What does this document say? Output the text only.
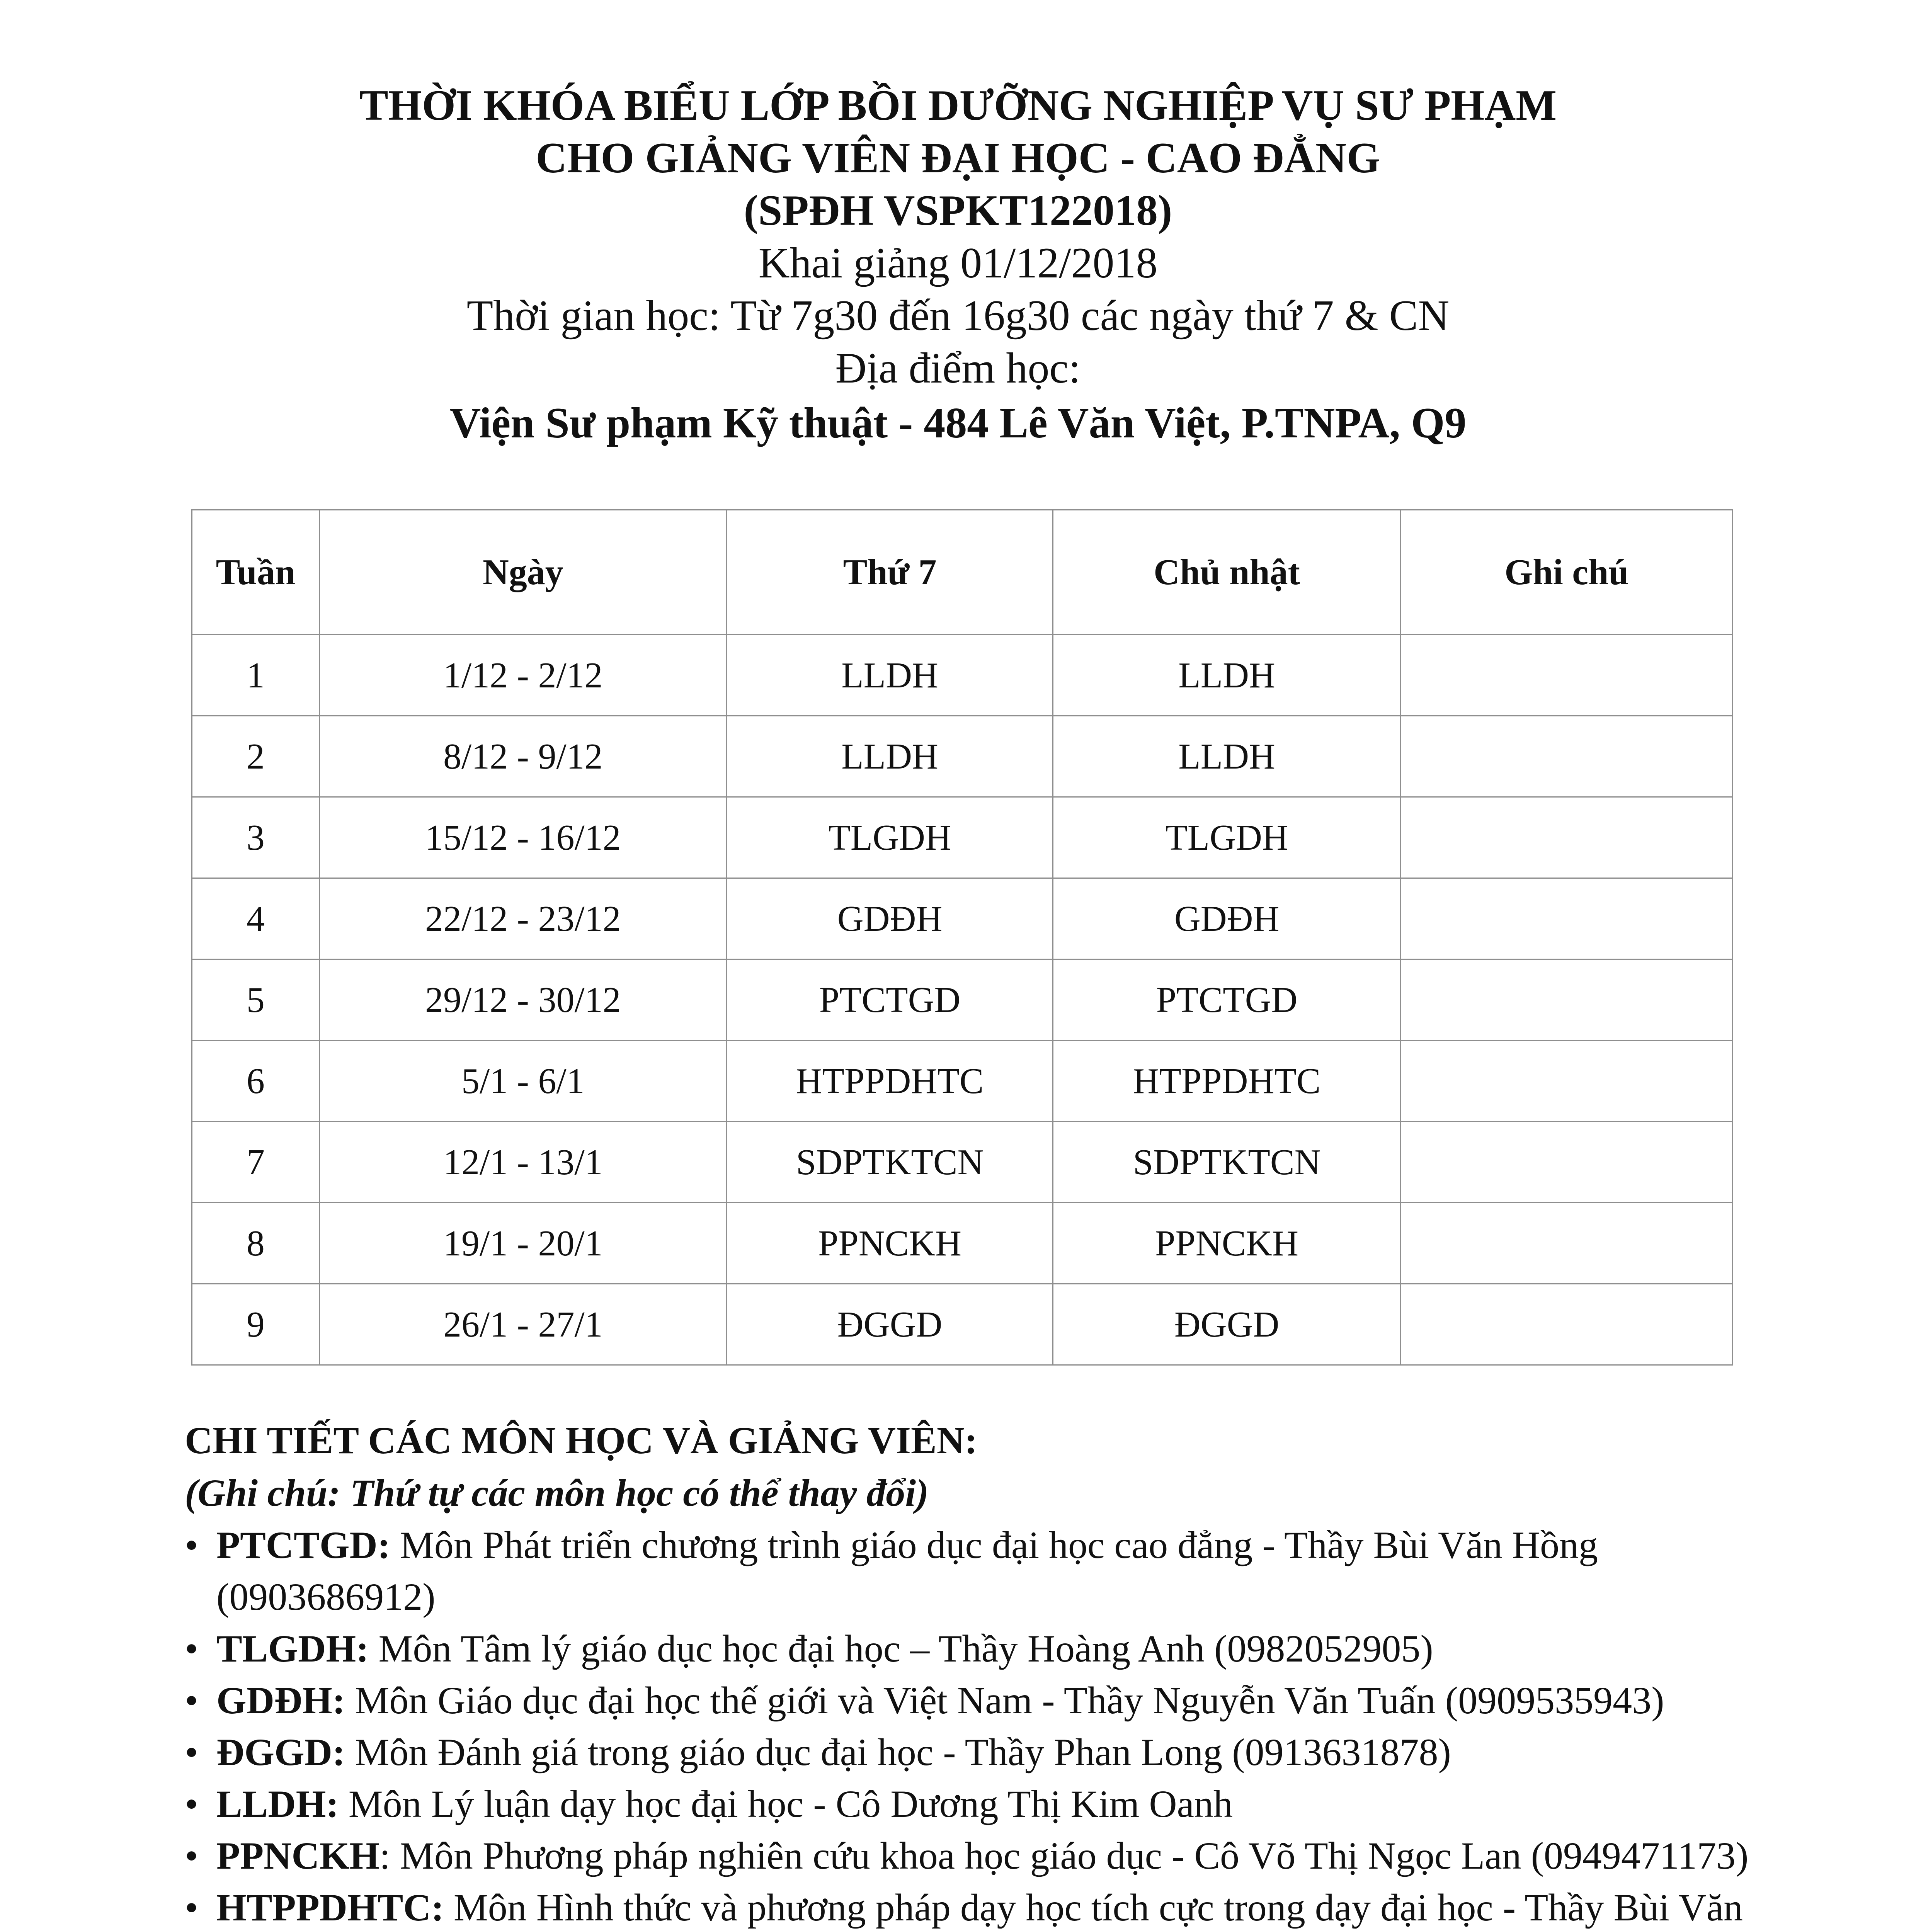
THỜI KHÓA BIỂU LỚP BỒI DƯỠNG NGHIỆP VỤ SƯ PHẠM
CHO GIẢNG VIÊN ĐẠI HỌC - CAO ĐẲNG
(SPĐH VSPKT122018)
Khai giảng 01/12/2018
Thời gian học: Từ 7g30 đến 16g30 các ngày thứ 7 & CN
Địa điểm học:
Viện Sư phạm Kỹ thuật - 484 Lê Văn Việt, P.TNPA, Q9
Tuần	Ngày	Thứ 7	Chủ nhật	Ghi chú
1	1/12 - 2/12	LLDH	LLDH	
2	8/12 - 9/12	LLDH	LLDH	
3	15/12 - 16/12	TLGDH	TLGDH	
4	22/12 - 23/12	GDĐH	GDĐH	
5	29/12 - 30/12	PTCTGD	PTCTGD	
6	5/1 - 6/1	HTPPDHTC	HTPPDHTC	
7	12/1 - 13/1	SDPTKTCN	SDPTKTCN	
8	19/1 - 20/1	PPNCKH	PPNCKH	
9	26/1 - 27/1	ĐGGD	ĐGGD	
CHI TIẾT CÁC MÔN HỌC VÀ GIẢNG VIÊN:
(Ghi chú: Thứ tự các môn học có thể thay đổi)
• PTCTGD: Môn Phát triển chương trình giáo dục đại học cao đẳng - Thầy Bùi Văn Hồng (0903686912)
• TLGDH: Môn Tâm lý giáo dục học đại học – Thầy Hoàng Anh (0982052905)
• GDĐH: Môn Giáo dục đại học thế giới và Việt Nam - Thầy Nguyễn Văn Tuấn (0909535943)
• ĐGGD: Môn Đánh giá trong giáo dục đại học - Thầy Phan Long (0913631878)
• LLDH: Môn Lý luận dạy học đại học - Cô Dương Thị Kim Oanh
• PPNCKH: Môn Phương pháp nghiên cứu khoa học giáo dục - Cô Võ Thị Ngọc Lan (0949471173)
• HTPPDHTC: Môn Hình thức và phương pháp dạy học tích cực trong dạy đại học - Thầy Bùi Văn
